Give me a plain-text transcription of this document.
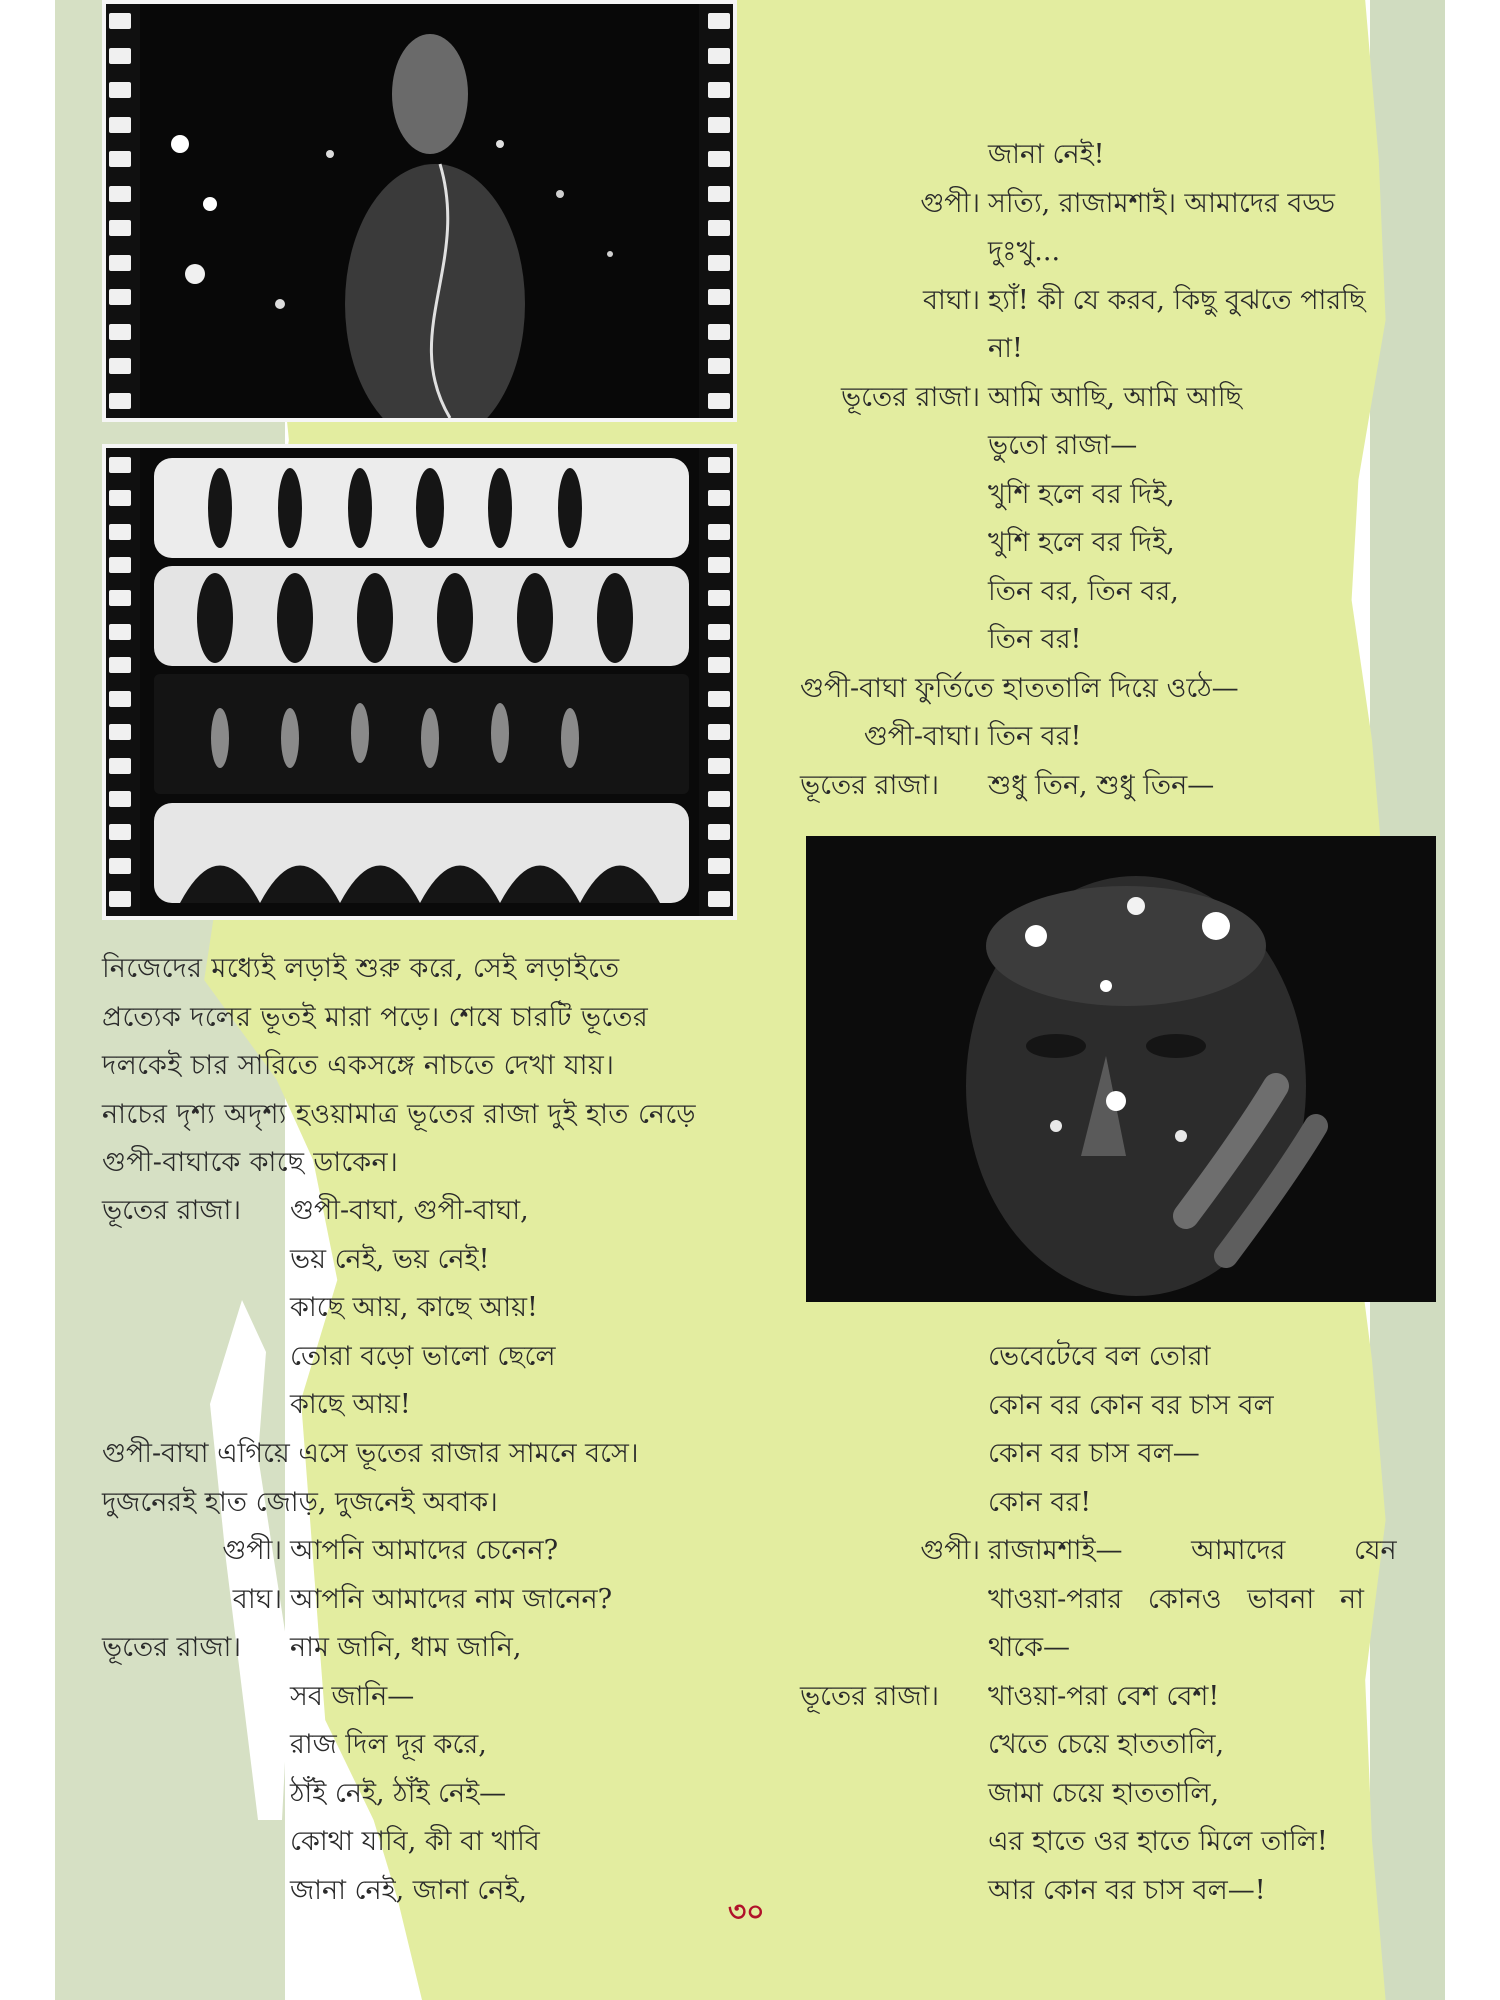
নিজেদের মধ্যেই লড়াই শুরু করে, সেই লড়াইতে
প্রত্যেক দলের ভূতই মারা পড়ে। শেষে চারটি ভূতের
দলকেই চার সারিতে একসঙ্গে নাচতে দেখা যায়।
নাচের দৃশ্য অদৃশ্য হওয়ামাত্র ভূতের রাজা দুই হাত নেড়ে
গুপী-বাঘাকে কাছে ডাকেন।
ভূতের রাজা। গুপী-বাঘা, গুপী-বাঘা,
ভয় নেই, ভয় নেই!
কাছে আয়, কাছে আয়!
তোরা বড়ো ভালো ছেলে
কাছে আয়!
গুপী-বাঘা এগিয়ে এসে ভূতের রাজার সামনে বসে।
দুজনেরই হাত জোড়, দুজনেই অবাক।
গুপী। আপনি আমাদের চেনেন?
বাঘ। আপনি আমাদের নাম জানেন?
ভূতের রাজা। নাম জানি, ধাম জানি,
সব জানি—
রাজ দিল দূর করে,
ঠাঁই নেই, ঠাঁই নেই—
কোথা যাবি, কী বা খাবি
জানা নেই, জানা নেই,
জানা নেই!
গুপী। সত্যি, রাজামশাই। আমাদের বড্ড
দুঃখু...
বাঘা। হ্যাঁ! কী যে করব, কিছু বুঝতে পারছি
না!
ভূতের রাজা। আমি আছি, আমি আছি
ভুতো রাজা—
খুশি হলে বর দিই,
খুশি হলে বর দিই,
তিন বর, তিন বর,
তিন বর!
গুপী-বাঘা ফুর্তিতে হাততালি দিয়ে ওঠে—
গুপী-বাঘা। তিন বর!
ভূতের রাজা। শুধু তিন, শুধু তিন—
ভেবেটেবে বল তোরা
কোন বর কোন বর চাস বল
কোন বর চাস বল—
কোন বর!
গুপী। রাজামশাই—        আমাদের        যেন
খাওয়া-পরার   কোনও   ভাবনা   না
থাকে—
ভূতের রাজা। খাওয়া-পরা বেশ বেশ!
খেতে চেয়ে হাততালি,
জামা চেয়ে হাততালি,
এর হাতে ওর হাতে মিলে তালি!
আর কোন বর চাস বল—!
৩০
